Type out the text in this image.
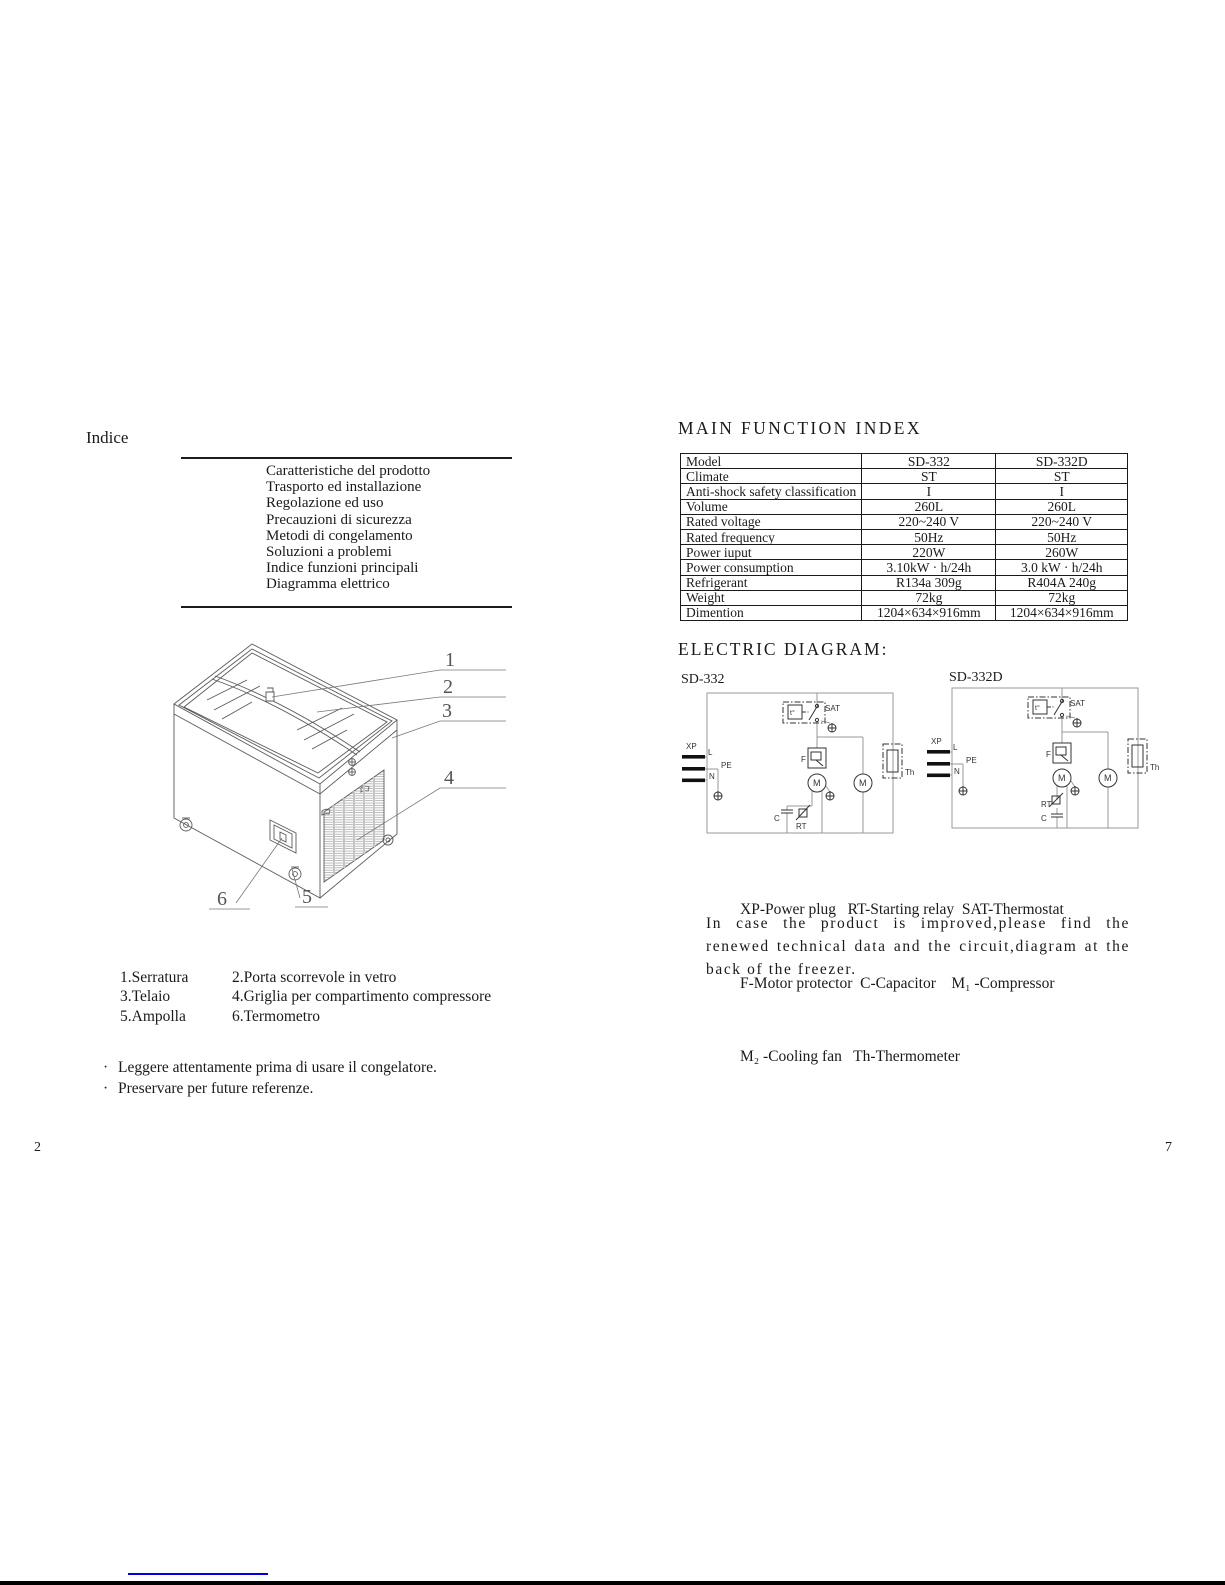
Indice
Caratteristiche del prodotto
Trasporto ed installazione
Regolazione ed uso
Precauzioni di sicurezza
Metodi di congelamento
Soluzioni a problemi
Indice funzioni principali
Diagramma elettrico
1
2
3
4
5
6
1.Serratura	2.Porta scorrevole in vetro
3.Telaio	4.Griglia per compartimento compressore
5.Ampolla	6.Termometro
· Leggere attentamente prima di usare il congelatore.
· Preservare per future referenze.
2
MAIN FUNCTION INDEX
Model	SD-332	SD-332D
Climate	ST	ST
Anti-shock safety classification	I	I
Volume	260L	260L
Rated voltage	220~240 V	220~240 V
Rated frequency	50Hz	50Hz
Power iuput	220W	260W
Power consumption	3.10kW · h/24h	3.0 kW · h/24h
Refrigerant	R134a 309g	R404A 240g
Weight	72kg	72kg
Dimention	1204×634×916mm	1204×634×916mm
ELECTRIC DIAGRAM:
SD-332	SD-332D
XP
L
PE
N
SAT
t°
F
C
RT
M	M
Th
XP
L
PE
N
SAT
t°
F
RT
C
M	M
Th

XP-Power plug   RT-Starting relay  SAT-Thermostat

F-Motor protector  C-Capacitor    M₁ -Compressor

M₂ -Cooling fan   Th-Thermometer

In case the product is improved,please find the renewed technical data and the circuit,diagram at the back of the freezer.
7
